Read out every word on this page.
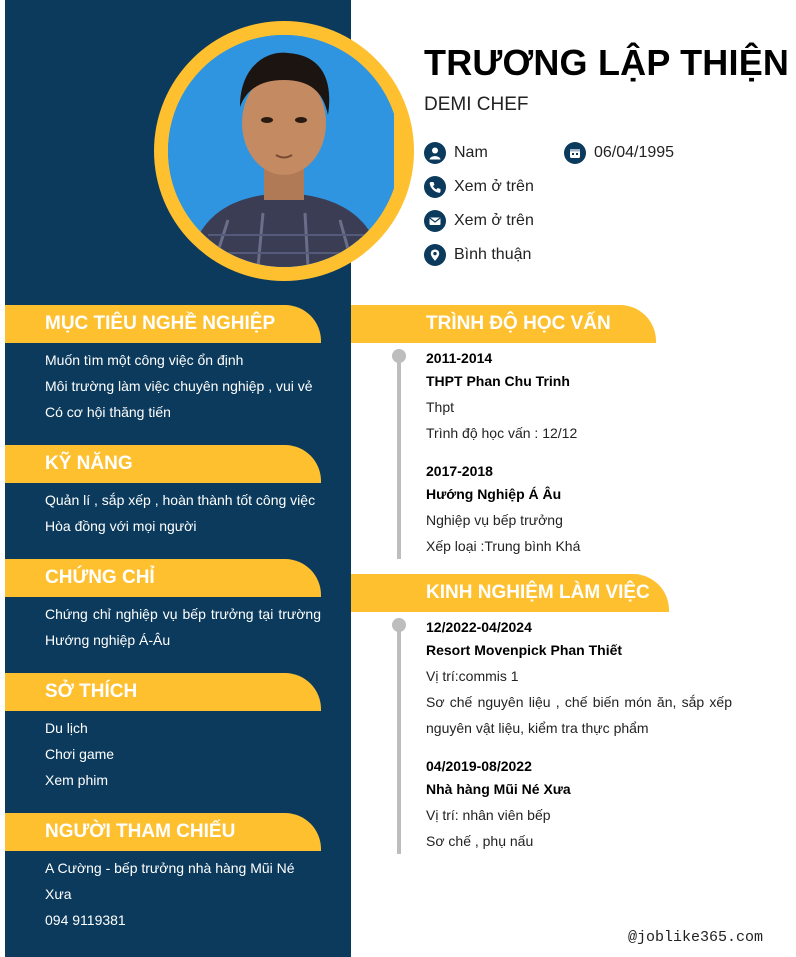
TRƯƠNG LẬP THIỆN
DEMI CHEF
Nam	06/04/1995
Xem ở trên
Xem ở trên
Bình thuận
MỤC TIÊU NGHỀ NGHIỆP
Muốn tìm một công việc ổn định
Môi trường làm việc chuyên nghiệp , vui vẻ
Có cơ hội thăng tiến
KỸ NĂNG
Quản lí , sắp xếp , hoàn thành tốt công việc
Hòa đồng với mọi người
CHỨNG CHỈ
Chứng chỉ nghiệp vụ bếp trưởng tại trường Hướng nghiệp Á-Âu
SỞ THÍCH
Du lịch
Chơi game
Xem phim
NGƯỜI THAM CHIẾU
A Cường - bếp trưởng nhà hàng Mũi Né Xưa
094 9119381
TRÌNH ĐỘ HỌC VẤN
2011-2014
THPT Phan Chu Trinh
Thpt
Trình độ học vấn : 12/12
2017-2018
Hướng Nghiệp Á Âu
Nghiệp vụ bếp trưởng
Xếp loại :Trung bình Khá
KINH NGHIỆM LÀM VIỆC
12/2022-04/2024
Resort Movenpick Phan Thiết
Vị trí:commis 1
Sơ chế nguyên liệu , chế biến món ăn, sắp xếp nguyên vật liệu, kiểm tra thực phẩm
04/2019-08/2022
Nhà hàng Mũi Né Xưa
Vị trí: nhân viên bếp
Sơ chế , phụ nấu
@joblike365.com
